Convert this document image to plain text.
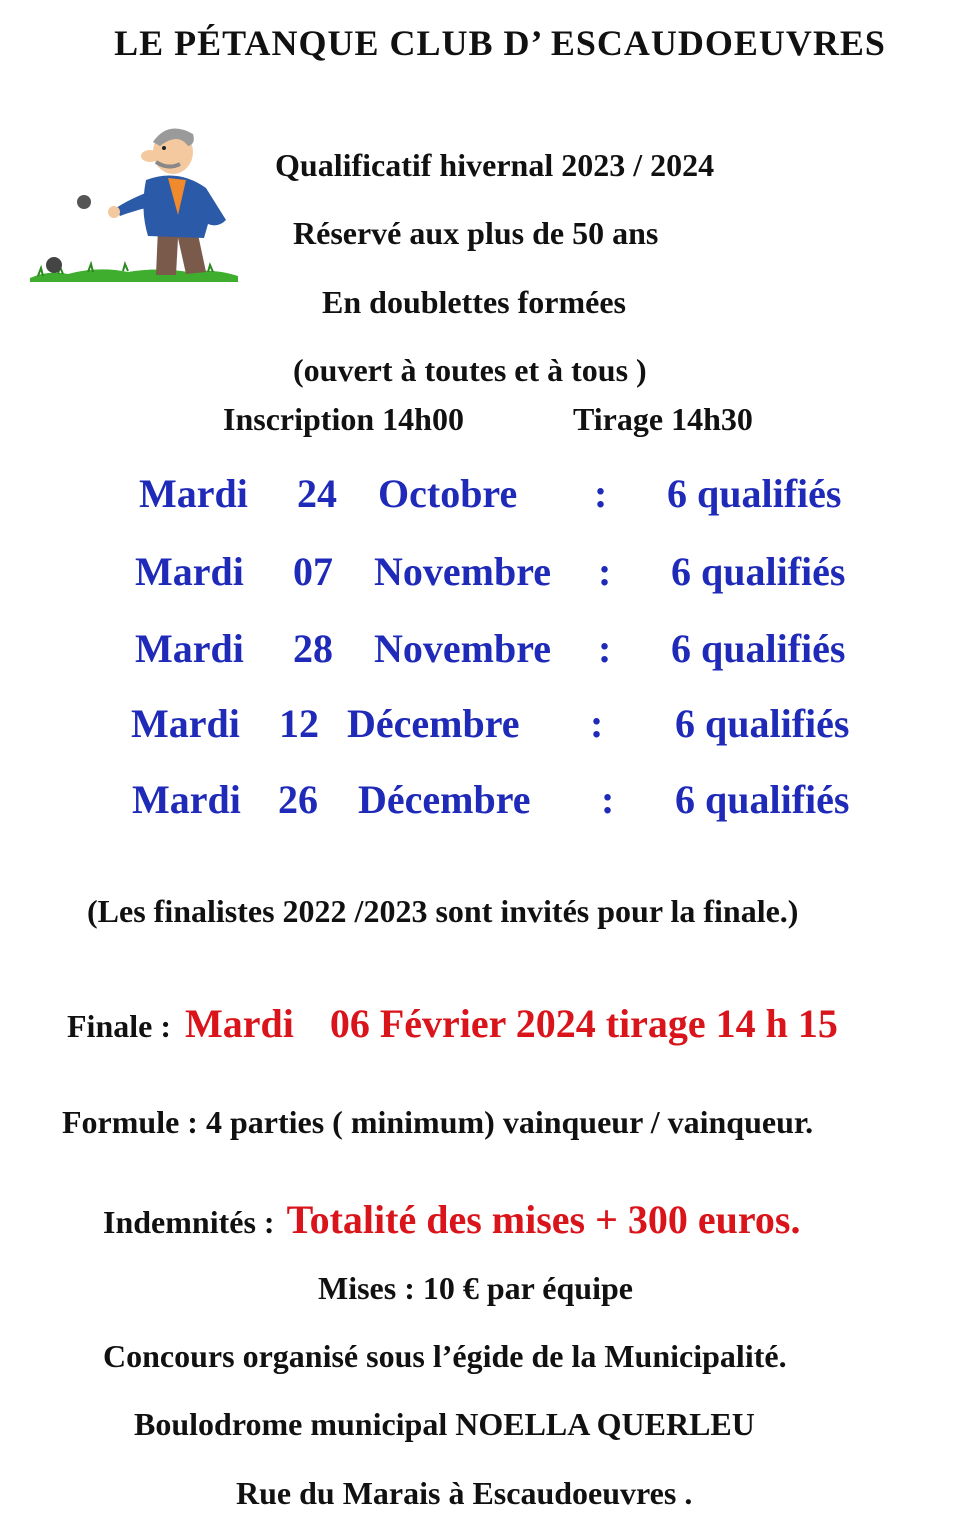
LE PÉTANQUE CLUB D’ ESCAUDOEUVRES
Qualificatif hivernal 2023 / 2024
Réservé aux plus de 50 ans
En doublettes formées
(ouvert à toutes et à tous )
Inscription 14h00	Tirage 14h30
Mardi 24 Octobre : 6 qualifiés
Mardi 07 Novembre : 6 qualifiés
Mardi 28 Novembre : 6 qualifiés
Mardi 12 Décembre : 6 qualifiés
Mardi 26 Décembre : 6 qualifiés
(Les finalistes 2022 /2023 sont invités pour la finale.)
Finale : Mardi 06 Février 2024 tirage 14 h 15
Formule : 4 parties ( minimum) vainqueur / vainqueur.
Indemnités : Totalité des mises + 300 euros.
Mises : 10 € par équipe
Concours organisé sous l’égide de la Municipalité.
Boulodrome municipal NOELLA QUERLEU
Rue du Marais à Escaudoeuvres .
